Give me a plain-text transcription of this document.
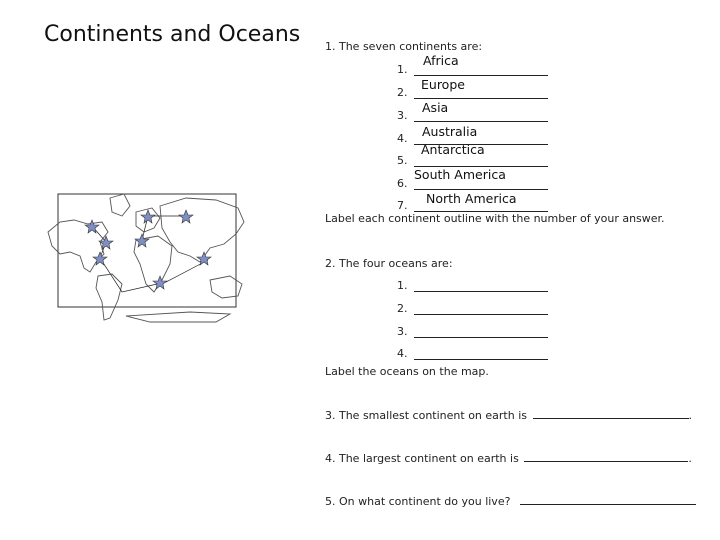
Continents and Oceans 1. The seven continents are:
1.
Africa
2.
Europe
3.
Asia
4. Australia
5.
Antarctica
6.
South America
7. North America
Label each continent outline with the number of your answer.
2. The four oceans are:
1.
2.
3.
4.
Label the oceans on the map.
3. The smallest continent on earth is	.
4. The largest continent on earth is	.
5. On what continent do you live?
